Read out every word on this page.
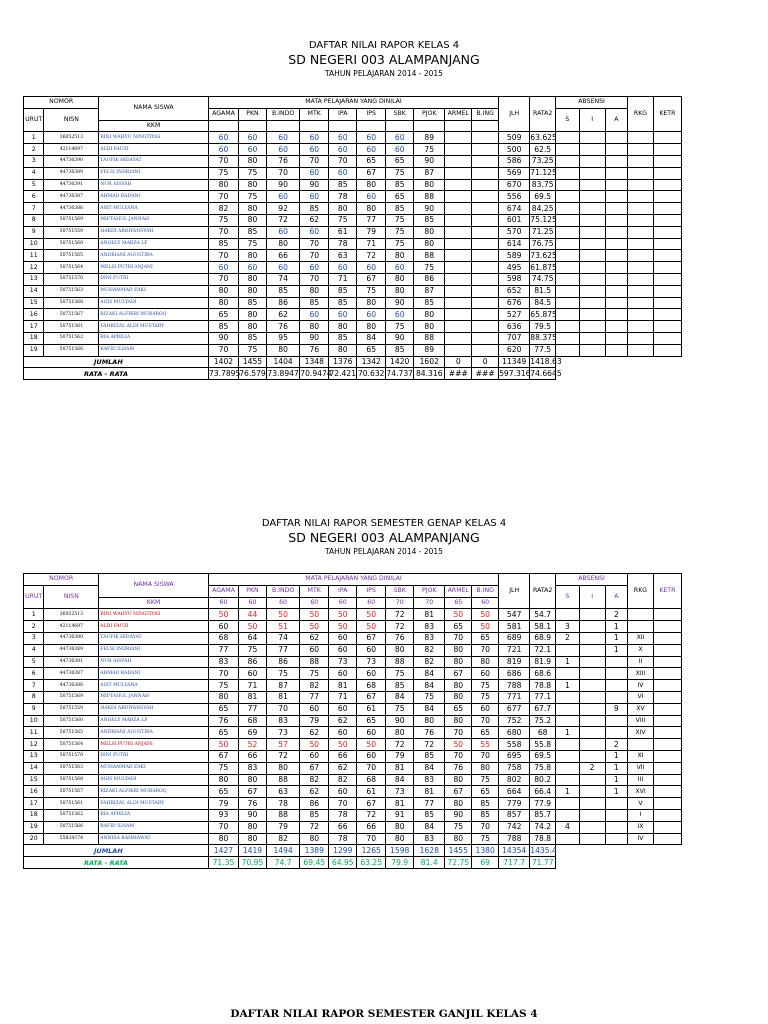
DAFTAR NILAI RAPOR KELAS 4
SD NEGERI 003 ALAMPANJANG
TAHUN PELAJARAN 2014 - 2015
NOMOR		NAMA SISWA	MATA PELAJARAN YANG DINILAI										JLH	RATA2	ABSENSI			RKG	KETR
URUT	NISN		AGAMA	PKN	B.INDO	MTK	IPA	IPS	SBK	PJOK	ARMEL	B.ING			S	I	A		
		KKM																	
1	36052513	RINI WAHYU NINGTIYAS	60	60	60	60	60	60	60	89			509	63.625					
2	42114697	ALDI FAUZI	60	60	60	60	60	60	60	75			500	62.5					
3	44736390	TAUFIK HIDAYAT	70	80	76	70	70	65	65	90			586	73.25					
4	44736389	FELSI INDRIANI	75	75	70	60	60	67	75	87			569	71.125					
5	44736391	NUR AISYAH	80	80	90	90	85	80	85	80			670	83.75					
6	44736387	AHMAD BADANI	70	75	60	60	78	60	65	88			556	69.5					
7	44736386	ASIT MULYANA	82	80	92	85	80	80	85	90			674	84.25					
8	50751569	MIFTAHUL JANNAH	75	80	72	62	75	77	75	85			601	75.125					
9	50751559	HAKDI ARDIYANSYAH	70	85	60	60	61	79	75	80			570	71.25					
10	50751560	ANGELY MARZA LF	85	75	80	70	78	71	75	80			614	76.75					
11	50751565	ANDRIANI AGUSTIRA	70	80	66	70	63	72	80	88			589	73.625					
12	50751564	MELSI PUTRI ANJANI	60	60	60	60	60	60	60	75			495	61.875					
13	50751570	DINI PUTRI	70	80	74	70	71	67	80	86			598	74.75					
14	50751563	MUHAMMAD ZAKI	80	80	85	80	85	75	80	87			652	81.5					
15	50751568	AGIS MULYADI	80	85	86	85	85	80	90	85			676	84.5					
16	50751567	RIZAKI ALFIKRI MUBAROQ	65	80	62	60	60	60	60	80			527	65.875					
17	50751561	FAHRIZAL ALDI MUSTARY	85	80	76	80	80	80	75	80			636	79.5					
18	50751562	RIA APRILIA	90	85	95	90	85	84	90	88			707	88.375					
19	50751566	RAFID ILHAM	70	75	80	76	80	65	85	89			620	77.5					
JUMLAH			1402	1455	1404	1348	1376	1342	1420	1602	0	0	11349	1418.63					
RATA - RATA			73.7895	76.579	73.8947	70.9474	72.421	70.632	74.737	84.316	###	###	597.316	74.6645					
DAFTAR NILAI RAPOR SEMESTER GENAP KELAS 4
SD NEGERI 003 ALAMPANJANG
TAHUN PELAJARAN 2014 - 2015
NOMOR		NAMA SISWA	MATA PELAJARAN YANG DINILAI										JLH	RATA2	ABSENSI			RKG	KETR
URUT	NISN		AGAMA	PKN	B.INDO	MTK	IPA	IPS	SBK	PJOK	ARMEL	B.ING			S	I	A		
		KKM	60	60	60	60	60	60	70	70	65	60							
1	36052513	RINI WAHYU NINGTIYAS	50	44	50	50	50	50	72	81	50	50	547	54.7			2		
2	42114697	ALDI FAUZI	60	50	51	50	50	50	72	83	65	50	581	58.1	3		1		
3	44736390	TAUFIK HIDAYAT	68	64	74	62	60	67	76	83	70	65	689	68.9	2		1	XII	
4	44736389	FELSI INDRIANI	77	75	77	60	60	60	80	82	80	70	721	72.1			1	X	
5	44736391	NUR AISYAH	83	86	86	88	73	73	88	82	80	80	819	81.9	1			II	
6	44736387	AHMAD BADANI	70	60	75	75	60	60	75	84	67	60	686	68.6				XIII	
7	44736386	ASIT MULYANA	75	71	87	82	81	68	85	84	80	75	788	78.8	1			IV	
8	50751569	MIFTAHUL JANNAH	80	81	81	77	71	67	84	75	80	75	771	77.1				VI	
9	50751559	HAKDI ARDIYANSYAH	65	77	70	60	60	61	75	84	65	60	677	67.7			9	XV	
10	50751560	ANGELY MARZA LF	76	68	83	79	62	65	90	80	80	70	752	75.2				VIII	
11	50751565	ANDRIANI AGUSTIRA	65	69	73	62	60	60	80	76	70	65	680	68	1			XIV	
12	50751564	MELSI PUTRI ANJANI	50	52	57	50	50	50	72	72	50	55	558	55.8			2		
13	50751570	DINI PUTRI	67	66	72	60	66	60	79	85	70	70	695	69.5			1	XI	
14	50751563	MUHAMMAD ZAKI	75	83	80	67	62	70	81	84	76	80	758	75.8		2	1	VII	
15	50751568	AGIS MULYADI	80	80	88	82	82	68	84	83	80	75	802	80.2			1	III	
16	50751567	RIZAKI ALFIKRI MUBAROQ	65	67	63	62	60	61	73	81	67	65	664	66.4	1		1	XVI	
17	50751561	FAHRIZAL ALDI MUSTARY	79	76	78	86	70	67	81	77	80	85	779	77.9				V	
18	50751562	RIA APRILIA	93	90	88	85	78	72	91	85	90	85	857	85.7				I	
19	50751566	RAFID ILHAM	70	80	79	72	66	66	80	84	75	70	742	74.2	4			IX	
20	55834374	ANNISA RAHMAWAT	80	80	82	80	78	70	80	83	80	75	788	78.8				IV	
JUMLAH			1427	1419	1494	1389	1299	1265	1598	1628	1455	1380	14354	1435.4					
RATA - RATA			71.35	70.95	74.7	69.45	64.95	63.25	79.9	81.4	72.75	69	717.7	71.77					
DAFTAR NILAI RAPOR SEMESTER GANJIL KELAS 4
